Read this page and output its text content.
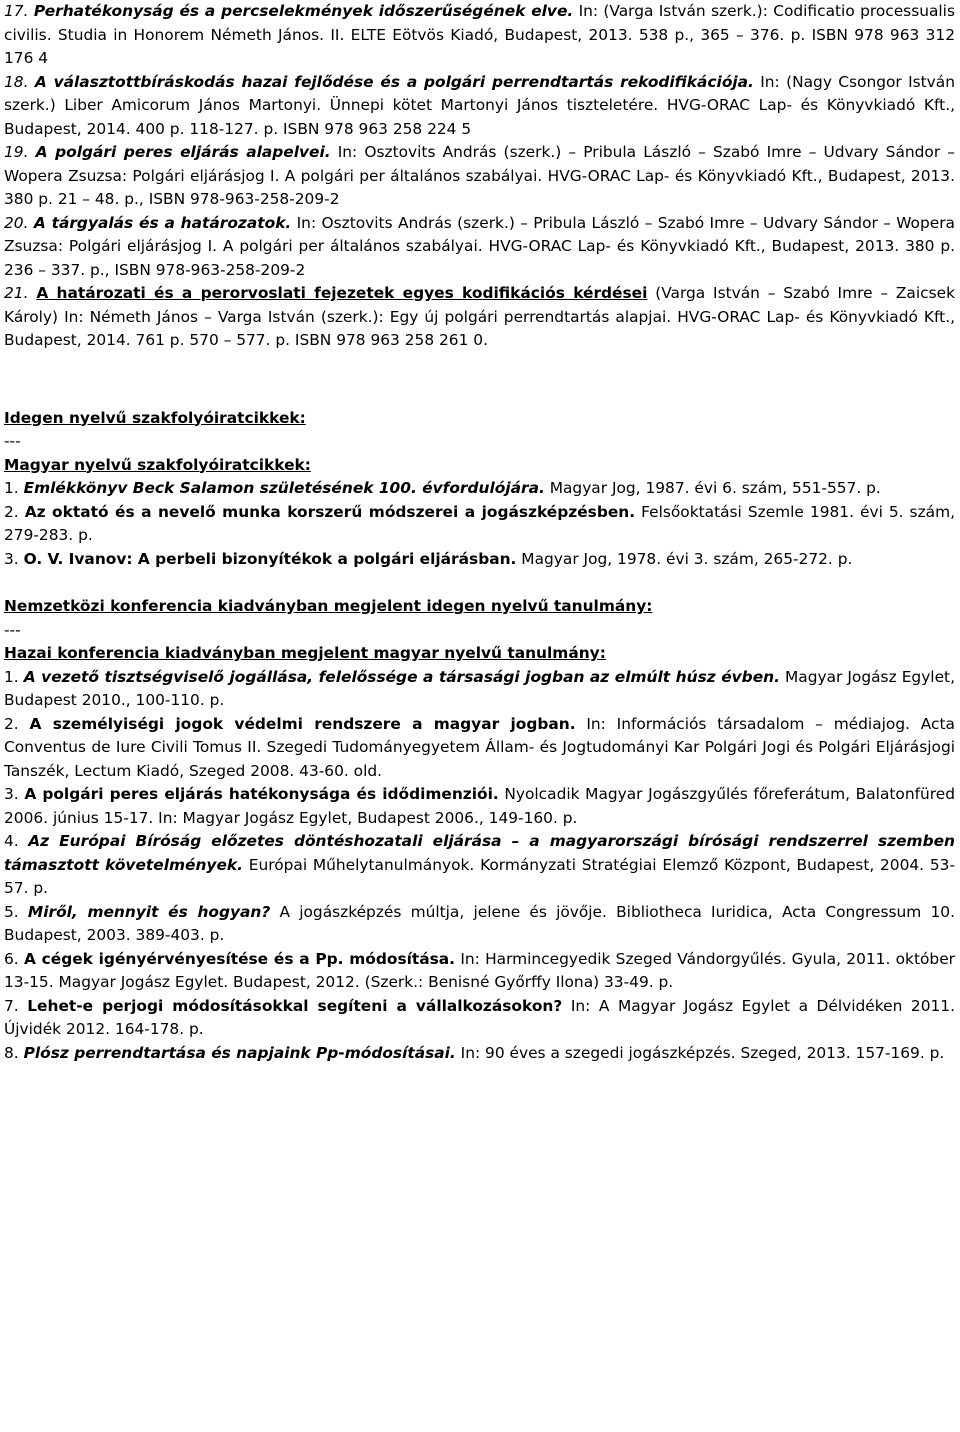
17. Perhatékonyság és a percselekmények időszerűségének elve. In: (Varga István szerk.): Codificatio processualis civilis. Studia in Honorem Németh János. II. ELTE Eötvös Kiadó, Budapest, 2013. 538 p., 365 – 376. p. ISBN 978 963 312 176 4
18. A választottbíráskodás hazai fejlődése és a polgári perrendtartás rekodifikációja. In: (Nagy Csongor István szerk.) Liber Amicorum János Martonyi. Ünnepi kötet Martonyi János tiszteletére. HVG-ORAC Lap- és Könyvkiadó Kft., Budapest, 2014. 400 p. 118-127. p. ISBN 978 963 258 224 5
19. A polgári peres eljárás alapelvei. In: Osztovits András (szerk.) – Pribula László – Szabó Imre – Udvary Sándor – Wopera Zsuzsa: Polgári eljárásjog I. A polgári per általános szabályai. HVG-ORAC Lap- és Könyvkiadó Kft., Budapest, 2013. 380 p. 21 – 48. p., ISBN 978-963-258-209-2
20. A tárgyalás és a határozatok. In: Osztovits András (szerk.) – Pribula László – Szabó Imre – Udvary Sándor – Wopera Zsuzsa: Polgári eljárásjog I. A polgári per általános szabályai. HVG-ORAC Lap- és Könyvkiadó Kft., Budapest, 2013. 380 p. 236 – 337. p., ISBN 978-963-258-209-2
21. A határozati és a perorvoslati fejezetek egyes kodifikációs kérdései (Varga István – Szabó Imre – Zaicsek Károly) In: Németh János – Varga István (szerk.): Egy új polgári perrendtartás alapjai. HVG-ORAC Lap- és Könyvkiadó Kft., Budapest, 2014. 761 p. 570 – 577. p. ISBN 978 963 258 261 0.
Idegen nyelvű szakfolyóiratcikkek:
---
Magyar nyelvű szakfolyóiratcikkek:
1. Emlékkönyv Beck Salamon születésének 100. évfordulójára. Magyar Jog, 1987. évi 6. szám, 551-557. p.
2. Az oktató és a nevelő munka korszerű módszerei a jogászképzésben. Felsőoktatási Szemle 1981. évi 5. szám, 279-283. p.
3. O. V. Ivanov: A perbeli bizonyítékok a polgári eljárásban. Magyar Jog, 1978. évi 3. szám, 265-272. p.
Nemzetközi konferencia kiadványban megjelent idegen nyelvű tanulmány:
---
Hazai konferencia kiadványban megjelent magyar nyelvű tanulmány:
1. A vezető tisztségviselő jogállása, felelőssége a társasági jogban az elmúlt húsz évben. Magyar Jogász Egylet, Budapest 2010., 100-110. p.
2. A személyiségi jogok védelmi rendszere a magyar jogban. In: Információs társadalom – médiajog. Acta Conventus de Iure Civili Tomus II. Szegedi Tudományegyetem Állam- és Jogtudományi Kar Polgári Jogi és Polgári Eljárásjogi Tanszék, Lectum Kiadó, Szeged 2008. 43-60. old.
3. A polgári peres eljárás hatékonysága és idődimenziói. Nyolcadik Magyar Jogászgyűlés főreferátum, Balatonfüred 2006. június 15-17. In: Magyar Jogász Egylet, Budapest 2006., 149-160. p.
4. Az Európai Bíróság előzetes döntéshozatali eljárása – a magyarországi bírósági rendszerrel szemben támasztott követelmények. Európai Műhelytanulmányok. Kormányzati Stratégiai Elemző Központ, Budapest, 2004. 53-57. p.
5. Miről, mennyit és hogyan? A jogászképzés múltja, jelene és jövője. Bibliotheca Iuridica, Acta Congressum 10. Budapest, 2003. 389-403. p.
6. A cégek igényérvényesítése és a Pp. módosítása. In: Harmincegyedik Szeged Vándorgyűlés. Gyula, 2011. október 13-15. Magyar Jogász Egylet. Budapest, 2012. (Szerk.: Benisné Győrffy Ilona) 33-49. p.
7. Lehet-e perjogi módosításokkal segíteni a vállalkozásokon? In: A Magyar Jogász Egylet a Délvidéken 2011. Újvidék 2012. 164-178. p.
8. Plósz perrendtartása és napjaink Pp-módosításai. In: 90 éves a szegedi jogászképzés. Szeged, 2013. 157-169. p.
